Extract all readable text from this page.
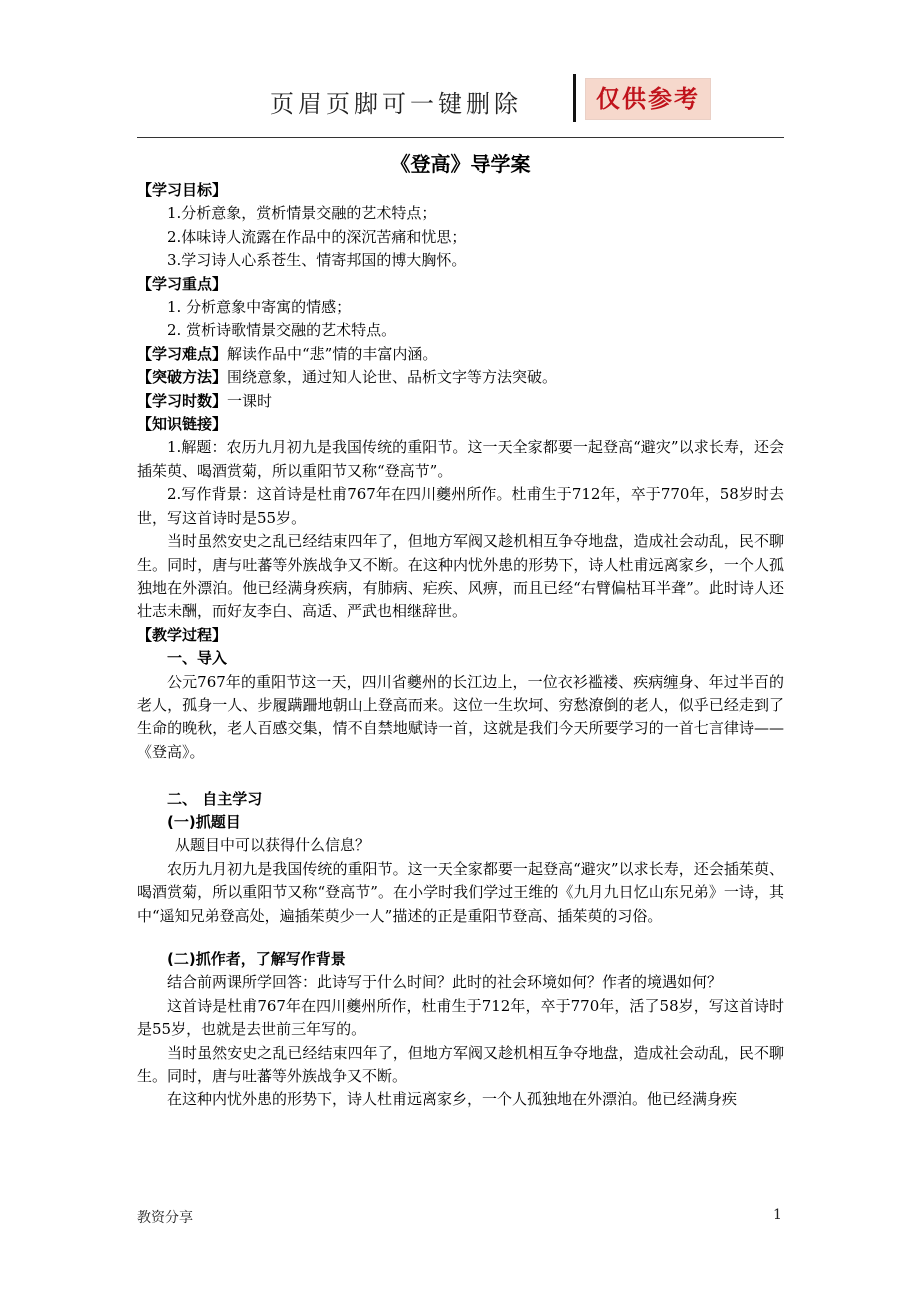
页眉页脚可一键删除	仅供参考
《登高》导学案

【学习目标】

1.分析意象，赏析情景交融的艺术特点；

2.体味诗人流露在作品中的深沉苦痛和忧思；

3.学习诗人心系苍生、情寄邦国的博大胸怀。

【学习重点】

1. 分析意象中寄寓的情感；

2. 赏析诗歌情景交融的艺术特点。

【学习难点】解读作品中“悲”情的丰富内涵。

【突破方法】围绕意象，通过知人论世、品析文字等方法突破。

【学习时数】一课时

【知识链接】

1.解题：农历九月初九是我国传统的重阳节。这一天全家都要一起登高“避灾”以求长寿，还会插茱萸、喝酒赏菊，所以重阳节又称“登高节”。

2.写作背景：这首诗是杜甫767年在四川夔州所作。杜甫生于712年，卒于770年，58岁时去世，写这首诗时是55岁。

当时虽然安史之乱已经结束四年了，但地方军阀又趁机相互争夺地盘，造成社会动乱，民不聊生。同时，唐与吐蕃等外族战争又不断。在这种内忧外患的形势下，诗人杜甫远离家乡，一个人孤独地在外漂泊。他已经满身疾病，有肺病、疟疾、风痹，而且已经“右臂偏枯耳半聋”。此时诗人还壮志未酬，而好友李白、高适、严武也相继辞世。

【教学过程】

一、导入

公元767年的重阳节这一天，四川省夔州的长江边上，一位衣衫褴褛、疾病缠身、年过半百的老人，孤身一人、步履蹒跚地朝山上登高而来。这位一生坎坷、穷愁潦倒的老人，似乎已经走到了生命的晚秋，老人百感交集，情不自禁地赋诗一首，这就是我们今天所要学习的一首七言律诗——《登高》。

二、 自主学习

(一)抓题目

从题目中可以获得什么信息？

农历九月初九是我国传统的重阳节。这一天全家都要一起登高“避灾”以求长寿，还会插茱萸、喝酒赏菊，所以重阳节又称“登高节”。在小学时我们学过王维的《九月九日忆山东兄弟》一诗，其中“遥知兄弟登高处，遍插茱萸少一人”描述的正是重阳节登高、插茱萸的习俗。

(二)抓作者，了解写作背景

结合前两课所学回答：此诗写于什么时间？此时的社会环境如何？作者的境遇如何？

这首诗是杜甫767年在四川夔州所作，杜甫生于712年，卒于770年，活了58岁，写这首诗时是55岁，也就是去世前三年写的。

当时虽然安史之乱已经结束四年了，但地方军阀又趁机相互争夺地盘，造成社会动乱，民不聊生。同时，唐与吐蕃等外族战争又不断。

在这种内忧外患的形势下，诗人杜甫远离家乡，一个人孤独地在外漂泊。他已经满身疾

教资分享	1
